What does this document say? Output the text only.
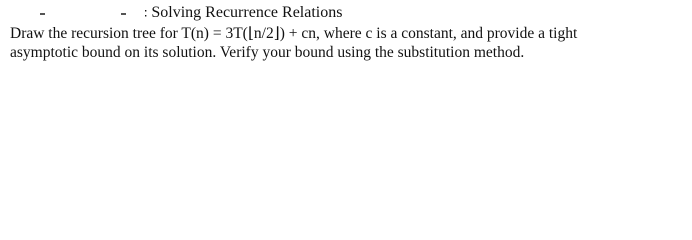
∶ Solving Recurrence Relations
Draw the recursion tree for T(n) = 3T(⌊n/2⌋) + cn, where c is a constant, and provide a tight
asymptotic bound on its solution. Verify your bound using the substitution method.
